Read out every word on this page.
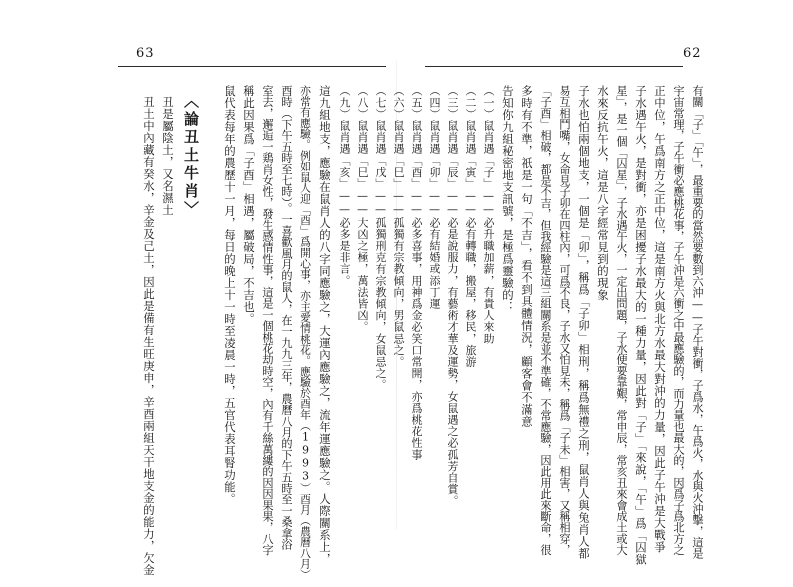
63	62
有關「子」「午」，最重要的當然要數到六沖——子午對衝，子爲水，午爲火，水與火沖擊，這是
宇宙常理，子午衝必應桃花事，子午沖是六衝之中最應驗的，而力量也最大的，因爲子爲北方之
正中位，午爲南方之正中位，這是南方火與北方水最大對沖的力量，因此子午沖是大戰爭
子水遇午火，是對衝，亦是困擾子水最大的一種力量，因此對「子」「來說，「午」爲「囚獄
星」，是一個「囚星」，子水遇午火，一定出問題，子水便要靠艱，常申辰，常亥丑來會成土或大
水來反抗午火，這是八字經常見到的現象
子水也怕兩個地支，一個是「卯」，稱爲「子卯」相刑，稱爲無禮之刑，鼠肖人與兔肖人都
易互相鬥嘴，女命見子卯在四柱內，可爲不良，子水又怕見未，稱爲「子未」相害，又稱相穿，
「子酉」相破，都是不吉，但我經驗是這三組關系是並不準確，不常應驗，因此用此來斷命，很
多時有不準，祇是一句「不吉」，看不到具體情況，顧客會不滿意
告知你九組秘密地支訊號，是極爲靈驗的：
（一）鼠肖遇「子」——必升職加薪，有貴人來助
（二）鼠肖遇「寅」——必有轉職，搬屋，移民，旅游
（三）鼠肖遇「辰」——必是說服力，有藝術才華及運勢，女鼠遇之必孤芳自賞。
（四）鼠肖遇「卯」——必有結婚或添丁運
（五）鼠肖遇「酉」——必多喜事，用神爲金必笑口常開，亦爲桃花性事
（六）鼠肖遇「巳」——孤獨有宗教傾向，男鼠忌之。
（七）鼠肖遇「戊」——孤獨刑克有宗教傾向，女鼠忌之。
（八）鼠肖遇「巳」——大凶之極，萬法皆凶。
（九）鼠肖遇「亥」——必多是非言。
這九組地支，應驗在鼠肖人的八字同應驗之，大運內應驗之，流年運應驗之。人際關系上，
亦常有應驗。例如鼠人迎「酉」爲開心事，亦主愛情桃花。應驗於酉年（1993）酉月（農曆八月）
酉時（下午五時至七時）。一喜歡風月的鼠人，在一九九三年，農曆八月的下午五時至一桑拿浴
室去，邂逅一鶏肖女性，發生感情性事，這是一個桃花劫時空，內有千絲萬縷的因因果果，八字
稱此因果爲「子酉」相遇，屬破局，不吉也。
鼠代表每年的農歷十一月，每日的晚上十一時至凌晨一時，五官代表耳腎功能。
〈論丑土牛肖〉
丑是屬陰土，又名濕土
丑土中內藏有癸水，辛金及己土，因此是備有生旺庚申，辛酉兩組天干地支金的能力，欠金
